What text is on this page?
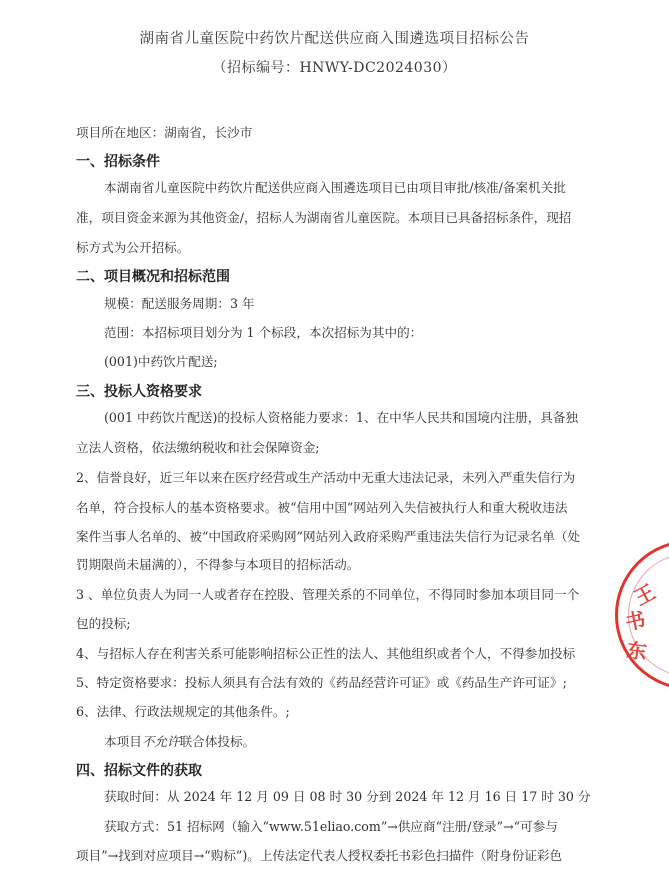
湖南省儿童医院中药饮片配送供应商入围遴选项目招标公告
（招标编号：HNWY-DC2024030）
项目所在地区：湖南省，长沙市
一、招标条件
本湖南省儿童医院中药饮片配送供应商入围遴选项目已由项目审批/核准/备案机关批
准，项目资金来源为其他资金/，招标人为湖南省儿童医院。本项目已具备招标条件，现招
标方式为公开招标。
二、项目概况和招标范围
规模：配送服务周期：3 年
范围：本招标项目划分为 1 个标段，本次招标为其中的：
(001)中药饮片配送;
三、投标人资格要求
(001 中药饮片配送)的投标人资格能力要求：1、在中华人民共和国境内注册，具备独
立法人资格，依法缴纳税收和社会保障资金;
2、信誉良好，近三年以来在医疗经营或生产活动中无重大违法记录，未列入严重失信行为
名单，符合投标人的基本资格要求。被“信用中国”网站列入失信被执行人和重大税收违法
案件当事人名单的、被“中国政府采购网”网站列入政府采购严重违法失信行为记录名单（处
罚期限尚未届满的），不得参与本项目的招标活动。
3 、单位负责人为同一人或者存在控股、管理关系的不同单位，不得同时参加本项目同一个
包的投标;
4、与招标人存在利害关系可能影响招标公正性的法人、其他组织或者个人，不得参加投标
5、特定资格要求：投标人须具有合法有效的《药品经营许可证》或《药品生产许可证》;
6、法律、行政法规规定的其他条件。;
本项目不允许联合体投标。
四、招标文件的获取
获取时间：从 2024 年 12 月 09 日 08 时 30 分到 2024 年 12 月 16 日 17 时 30 分
获取方式：51 招标网（输入“www.51eliao.com”→供应商“注册/登录”→“可参与
项目”→找到对应项目→“购标”)。上传法定代表人授权委托书彩色扫描件（附身份证彩色
王
书
东
